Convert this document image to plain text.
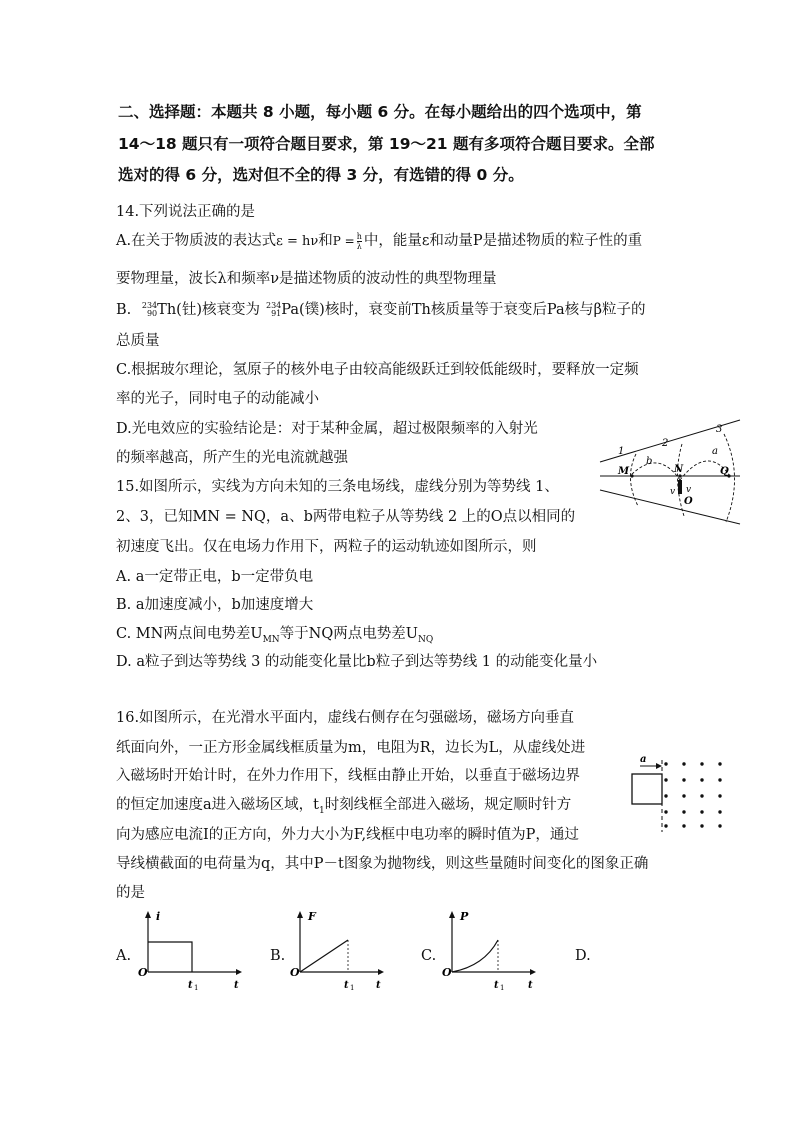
二、选择题：本题共 8 小题，每小题 6 分。在每小题给出的四个选项中，第
14～18 题只有一项符合题目要求，第 19～21 题有多项符合题目要求。全部
选对的得 6 分，选对但不全的得 3 分，有选错的得 0 分。
14.下列说法正确的是
A.在关于物质波的表达式ε = hν和$P = \frac{h}{\lambda}$ 中，能量ε和动量P是描述物质的粒子性的重
要物理量，波长λ和频率ν是描述物质的波动性的典型物理量
B. 234
90 Th(钍)核衰变为 234
91 Pa(镤)核时，衰变前Th核质量等于衰变后Pa核与β粒子的
总质量
C.根据玻尔理论，氢原子的核外电子由较高能级跃迁到较低能级时，要释放一定频
率的光子，同时电子的动能减小
D.光电效应的实验结论是：对于某种金属，超过极限频率的入射光
的频率越高，所产生的光电流就越强
15.如图所示，实线为方向未知的三条电场线，虚线分别为等势线 1、
2、3，已知MN = NQ，a、b两带电粒子从等势线 2 上的O点以相同的
初速度飞出。仅在电场力作用下，两粒子的运动轨迹如图所示，则
A. a一定带正电，b一定带负电
B. a加速度减小，b加速度增大
C. MN两点间电势差$U_{MN}$等于NQ两点电势差$U_{NQ}$
D. a粒子到达等势线 3 的动能变化量比b粒子到达等势线 1 的动能变化量小
1
2
3
M	N	Q
O
b
a
v v
16.如图所示，在光滑水平面内，虚线右侧存在匀强磁场，磁场方向垂直
纸面向外，一正方形金属线框质量为m，电阻为R，边长为L，从虚线处进
入磁场时开始计时，在外力作用下，线框由静止开始，以垂直于磁场边界
的恒定加速度a进入磁场区域，$t_1$时刻线框全部进入磁场，规定顺时针方
向为感应电流I的正方向，外力大小为F,线框中电功率的瞬时值为P，通过
导线横截面的电荷量为q，其中P－t图象为抛物线，则这些量随时间变化的图象正确
的是
a
A.	B.	C.	D.
i
O
t 1	t
F
O
t 1 t
P
O
t 1 t
